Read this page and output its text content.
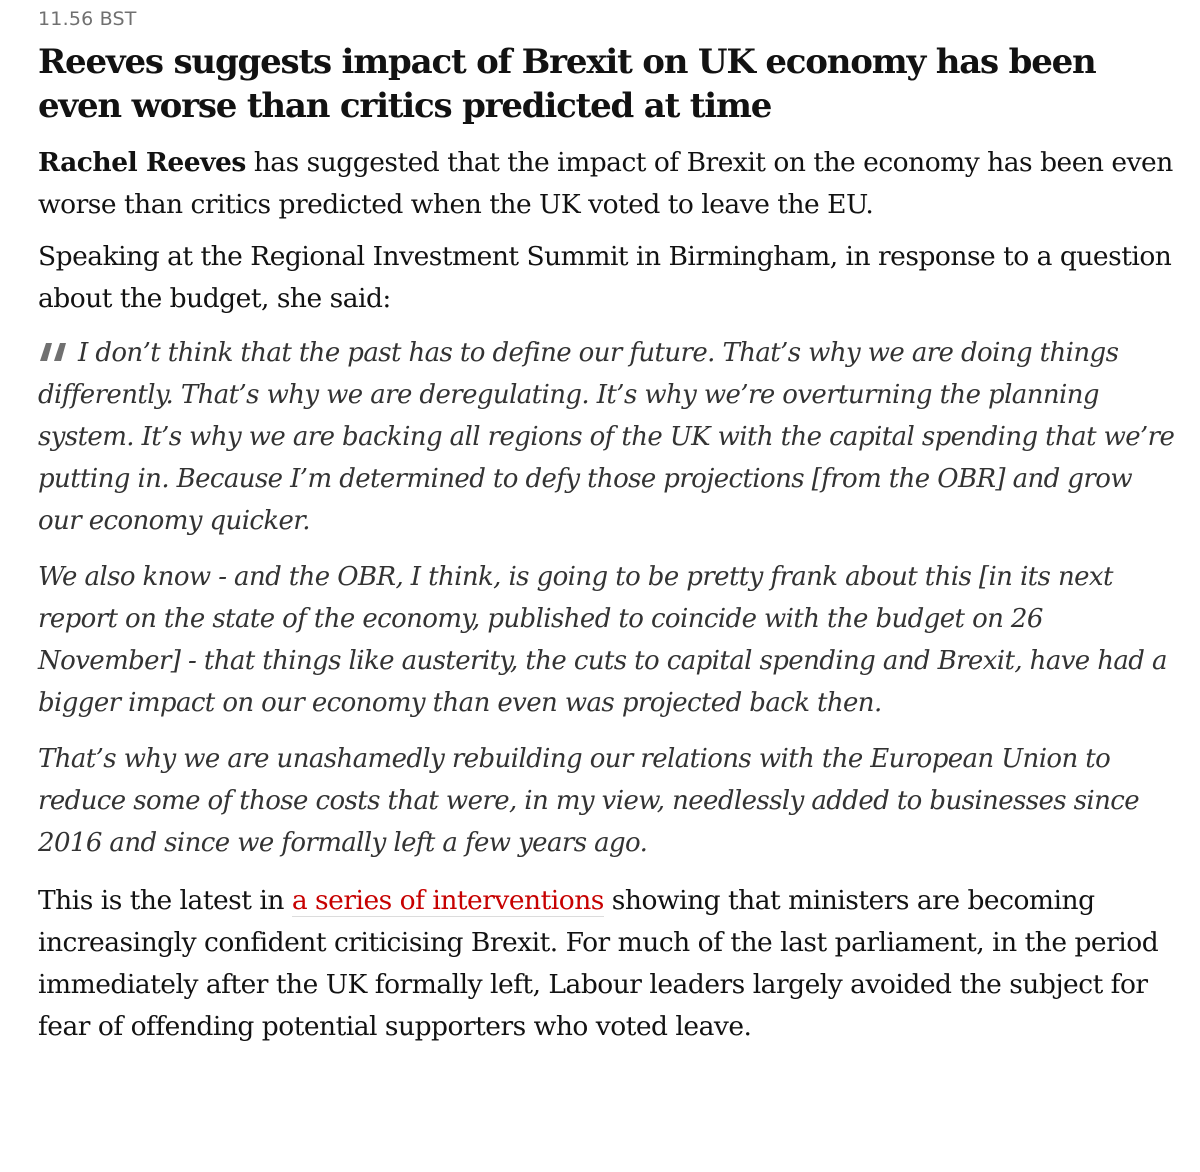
11.56 BST
Reeves suggests impact of Brexit on UK economy has been even worse than critics predicted at time

Rachel Reeves has suggested that the impact of Brexit on the economy has been even worse than critics predicted when the UK voted to leave the EU.

Speaking at the Regional Investment Summit in Birmingham, in response to a question about the budget, she said:

I don’t think that the past has to define our future. That’s why we are doing things differently. That’s why we are deregulating. It’s why we’re overturning the planning system. It’s why we are backing all regions of the UK with the capital spending that we’re putting in. Because I’m determined to defy those projections [from the OBR] and grow our economy quicker.

We also know - and the OBR, I think, is going to be pretty frank about this [in its next report on the state of the economy, published to coincide with the budget on 26 November] - that things like austerity, the cuts to capital spending and Brexit, have had a bigger impact on our economy than even was projected back then.

That’s why we are unashamedly rebuilding our relations with the European Union to reduce some of those costs that were, in my view, needlessly added to businesses since 2016 and since we formally left a few years ago.

This is the latest in a series of interventions showing that ministers are becoming increasingly confident criticising Brexit. For much of the last parliament, in the period immediately after the UK formally left, Labour leaders largely avoided the subject for fear of offending potential supporters who voted leave.
